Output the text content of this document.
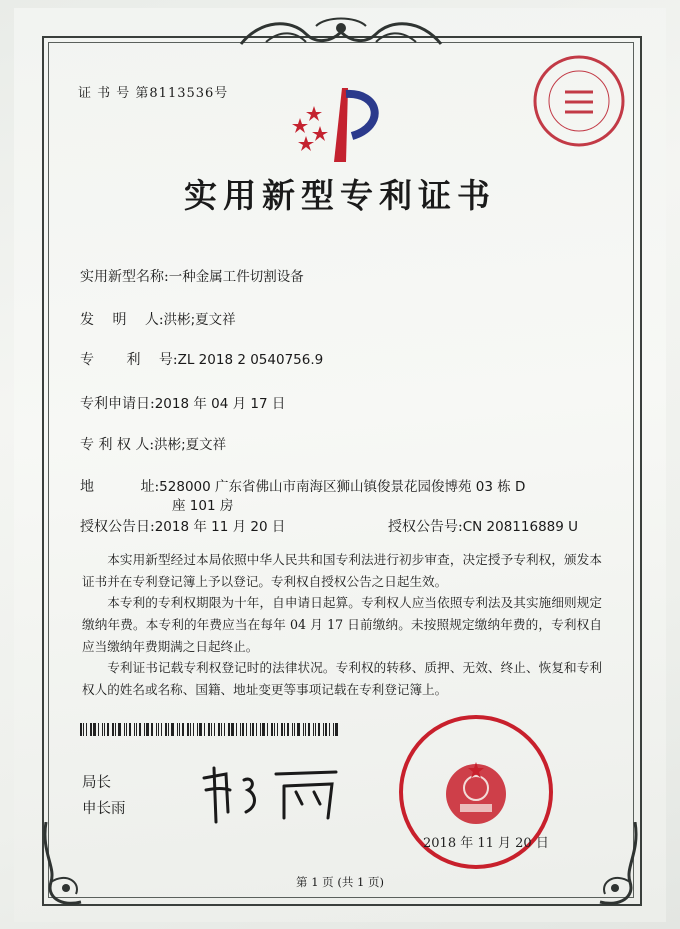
证 书 号 第8113536号
实用新型专利证书
实用新型名称:一种金属工件切割设备
发　 明　 人:洪彬;夏文祥
专　　 利　 号:ZL 2018 2 0540756.9
专利申请日:2018 年 04 月 17 日
专 利 权 人:洪彬;夏文祥
地　　　 址:528000 广东省佛山市南海区狮山镇俊景花园俊博苑 03 栋 D
座 101 房
授权公告日:2018 年 11 月 20 日	授权公告号:CN 208116889 U
本实用新型经过本局依照中华人民共和国专利法进行初步审查，决定授予专利权，颁发本证书并在专利登记簿上予以登记。专利权自授权公告之日起生效。
本专利的专利权期限为十年，自申请日起算。专利权人应当依照专利法及其实施细则规定缴纳年费。本专利的年费应当在每年 04 月 17 日前缴纳。未按照规定缴纳年费的，专利权自应当缴纳年费期满之日起终止。
专利证书记载专利权登记时的法律状况。专利权的转移、质押、无效、终止、恢复和专利权人的姓名或名称、国籍、地址变更等事项记载在专利登记簿上。
局长
申长雨
2018 年 11 月 20 日
第 1 页 (共 1 页)
